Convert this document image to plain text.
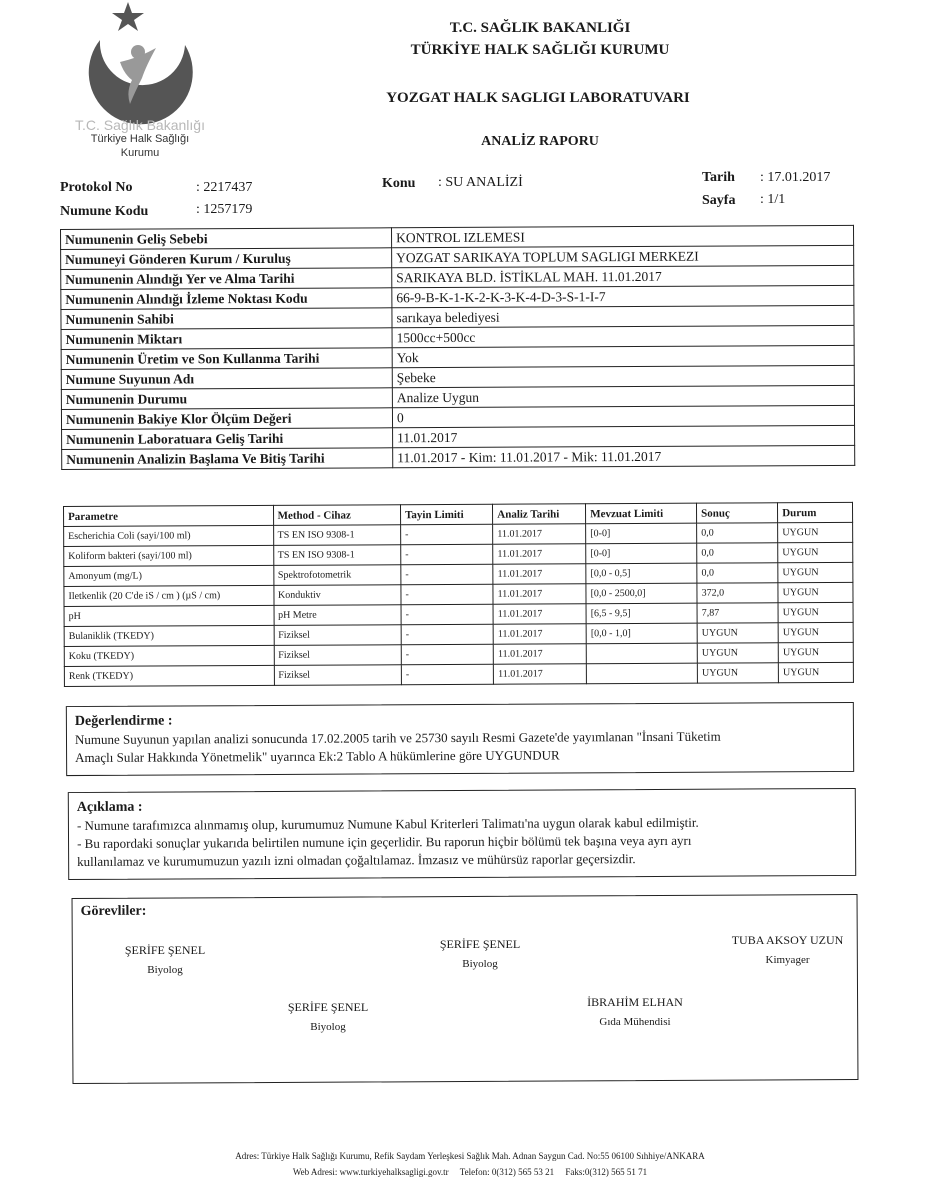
T.C. Sağlık Bakanlığı
Türkiye Halk Sağlığı
Kurumu
T.C. SAĞLIK BAKANLIĞI
TÜRKİYE HALK SAĞLIĞI KURUMU
YOZGAT HALK SAGLIGI LABORATUVARI
ANALİZ RAPORU
Protokol No	: 2217437
Numune Kodu	: 1257179
Konu : SU ANALİZİ	Tarih : 17.01.2017
Sayfa : 1/1
Numunenin Geliş Sebebi	KONTROL IZLEMESI
Numuneyi Gönderen Kurum / Kuruluş	YOZGAT SARIKAYA TOPLUM SAGLIGI MERKEZI
Numunenin Alındığı Yer ve Alma Tarihi	SARIKAYA BLD. İSTİKLAL MAH. 11.01.2017
Numunenin Alındığı İzleme Noktası Kodu	66-9-B-K-1-K-2-K-3-K-4-D-3-S-1-I-7
Numunenin Sahibi	sarıkaya belediyesi
Numunenin Miktarı	1500cc+500cc
Numunenin Üretim ve Son Kullanma Tarihi	Yok
Numune Suyunun Adı	Şebeke
Numunenin Durumu	Analize Uygun
Numunenin Bakiye Klor Ölçüm Değeri	0
Numunenin Laboratuara Geliş Tarihi	11.01.2017
Numunenin Analizin Başlama Ve Bitiş Tarihi	11.01.2017 - Kim: 11.01.2017 - Mik: 11.01.2017
Parametre	Method - Cihaz	Tayin Limiti	Analiz Tarihi	Mevzuat Limiti	Sonuç	Durum
Escherichia Coli (sayi/100 ml)	TS EN ISO 9308-1	-	11.01.2017	[0-0]	0,0	UYGUN
Koliform bakteri (sayi/100 ml)	TS EN ISO 9308-1	-	11.01.2017	[0-0]	0,0	UYGUN
Amonyum (mg/L)	Spektrofotometrik	-	11.01.2017	[0,0 - 0,5]	0,0	UYGUN
Iletkenlik (20 C'de iS / cm ) (µS / cm)	Konduktiv	-	11.01.2017	[0,0 - 2500,0]	372,0	UYGUN
pH	pH Metre	-	11.01.2017	[6,5 - 9,5]	7,87	UYGUN
Bulaniklik (TKEDY)	Fiziksel	-	11.01.2017	[0,0 - 1,0]	UYGUN	UYGUN
Koku (TKEDY)	Fiziksel	-	11.01.2017		UYGUN	UYGUN
Renk (TKEDY)	Fiziksel	-	11.01.2017		UYGUN	UYGUN
Değerlendirme :
Numune Suyunun yapılan analizi sonucunda 17.02.2005 tarih ve 25730 sayılı Resmi Gazete'de yayımlanan "İnsani Tüketim
Amaçlı Sular Hakkında Yönetmelik" uyarınca Ek:2 Tablo A hükümlerine göre UYGUNDUR
Açıklama :
- Numune tarafımızca alınmamış olup, kurumumuz Numune Kabul Kriterleri Talimatı'na uygun olarak kabul edilmiştir.
- Bu rapordaki sonuçlar yukarıda belirtilen numune için geçerlidir. Bu raporun hiçbir bölümü tek başına veya ayrı ayrı
kullanılamaz ve kurumumuzun yazılı izni olmadan çoğaltılamaz. İmzasız ve mühürsüz raporlar geçersizdir.
Görevliler:
ŞERİFE ŞENEL
Biyolog
ŞERİFE ŞENEL
Biyolog
TUBA AKSOY UZUN
Kimyager
ŞERİFE ŞENEL
Biyolog
İBRAHİM ELHAN
Gıda Mühendisi
Adres: Türkiye Halk Sağlığı Kurumu, Refik Saydam Yerleşkesi Sağlık Mah. Adnan Saygun Cad. No:55 06100 Sıhhiye/ANKARA
Web Adresi: www.turkiyehalksagligi.gov.tr Telefon: 0(312) 565 53 21 Faks:0(312) 565 51 71
